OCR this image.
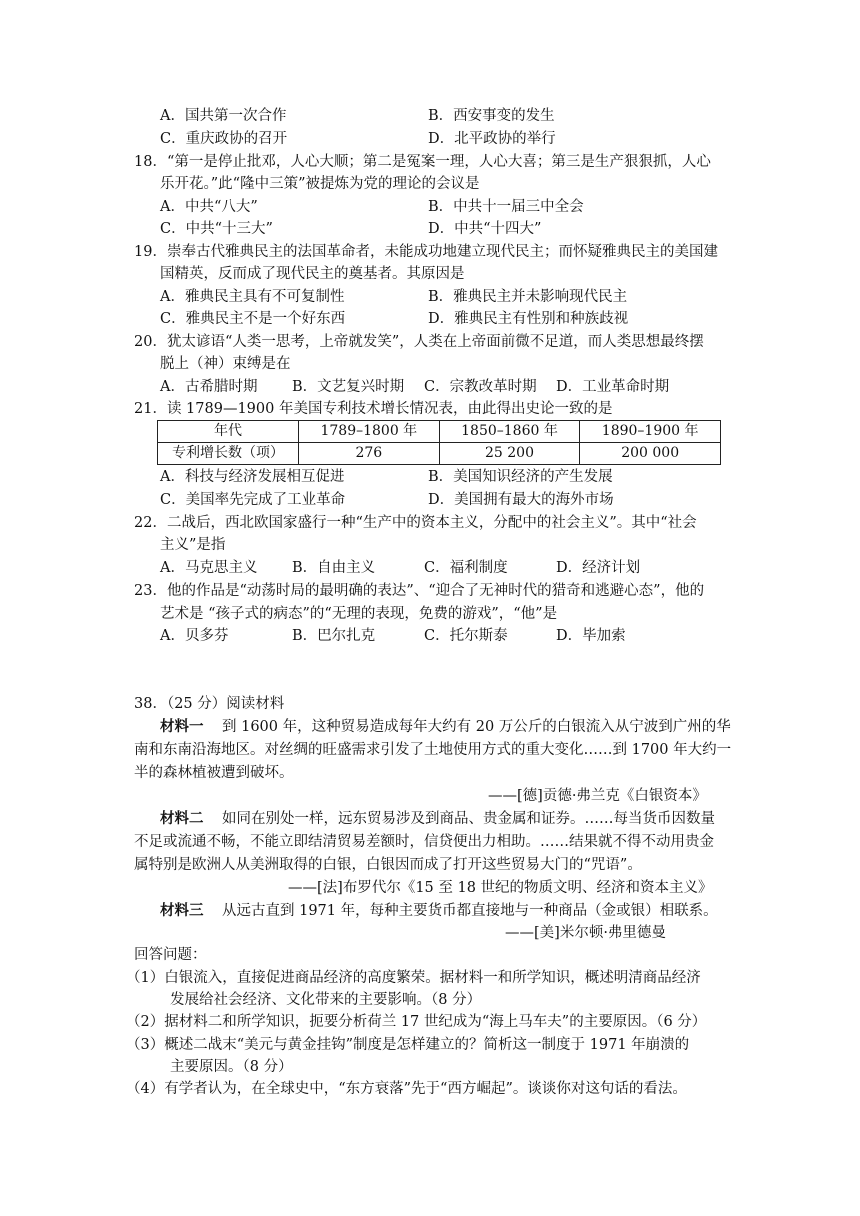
A．国共第一次合作	B．西安事变的发生
C．重庆政协的召开	D．北平政协的举行
18．“第一是停止批邓，人心大顺；第二是冤案一理，人心大喜；第三是生产狠狠抓，人心
乐开花。”此“隆中三策”被提炼为党的理论的会议是
A．中共“八大”	B．中共十一届三中全会
C．中共“十三大”	D．中共“十四大”
19．崇奉古代雅典民主的法国革命者，未能成功地建立现代民主；而怀疑雅典民主的美国建
国精英，反而成了现代民主的奠基者。其原因是
A．雅典民主具有不可复制性	B．雅典民主并未影响现代民主
C．雅典民主不是一个好东西	D．雅典民主有性别和种族歧视
20．犹太谚语“人类一思考，上帝就发笑”，人类在上帝面前微不足道，而人类思想最终摆
脱上（神）束缚是在
A．古希腊时期 B．文艺复兴时期 C．宗教改革时期 D．工业革命时期
21．读 1789—1900 年美国专利技术增长情况表，由此得出史论一致的是
年代	1789–1800 年	1850–1860 年	1890–1900 年
专利增长数（项）	276	25 200	200 000
A．科技与经济发展相互促进	B．美国知识经济的产生发展
C．美国率先完成了工业革命	D．美国拥有最大的海外市场
22．二战后，西北欧国家盛行一种“生产中的资本主义，分配中的社会主义”。其中“社会
主义”是指
A．马克思主义 B．自由主义	C．福利制度	D．经济计划
23．他的作品是“动荡时局的最明确的表达”、“迎合了无神时代的猎奇和逃避心态”，他的
艺术是 “孩子式的病态”的“无理的表现，免费的游戏”，“他”是
A．贝多芬	B．巴尔扎克	C．托尔斯泰	D．毕加索
38．（25 分）阅读材料
材料一 到 1600 年，这种贸易造成每年大约有 20 万公斤的白银流入从宁波到广州的华
南和东南沿海地区。对丝绸的旺盛需求引发了土地使用方式的重大变化……到 1700 年大约一
半的森林植被遭到破坏。
——[德]贡德·弗兰克《白银资本》
材料二 如同在别处一样，远东贸易涉及到商品、贵金属和证券。……每当货币因数量
不足或流通不畅，不能立即结清贸易差额时，信贷便出力相助。……结果就不得不动用贵金
属特别是欧洲人从美洲取得的白银，白银因而成了打开这些贸易大门的“咒语”。
——[法]布罗代尔《15 至 18 世纪的物质文明、经济和资本主义》
材料三 从远古直到 1971 年，每种主要货币都直接地与一种商品（金或银）相联系。
——[美]米尔顿·弗里德曼
回答问题：
（1）白银流入，直接促进商品经济的高度繁荣。据材料一和所学知识，概述明清商品经济
发展给社会经济、文化带来的主要影响。（8 分）
（2）据材料二和所学知识，扼要分析荷兰 17 世纪成为“海上马车夫”的主要原因。（6 分）
（3）概述二战末“美元与黄金挂钩”制度是怎样建立的？简析这一制度于 1971 年崩溃的
主要原因。（8 分）
（4）有学者认为，在全球史中，“东方衰落”先于“西方崛起”。谈谈你对这句话的看法。
